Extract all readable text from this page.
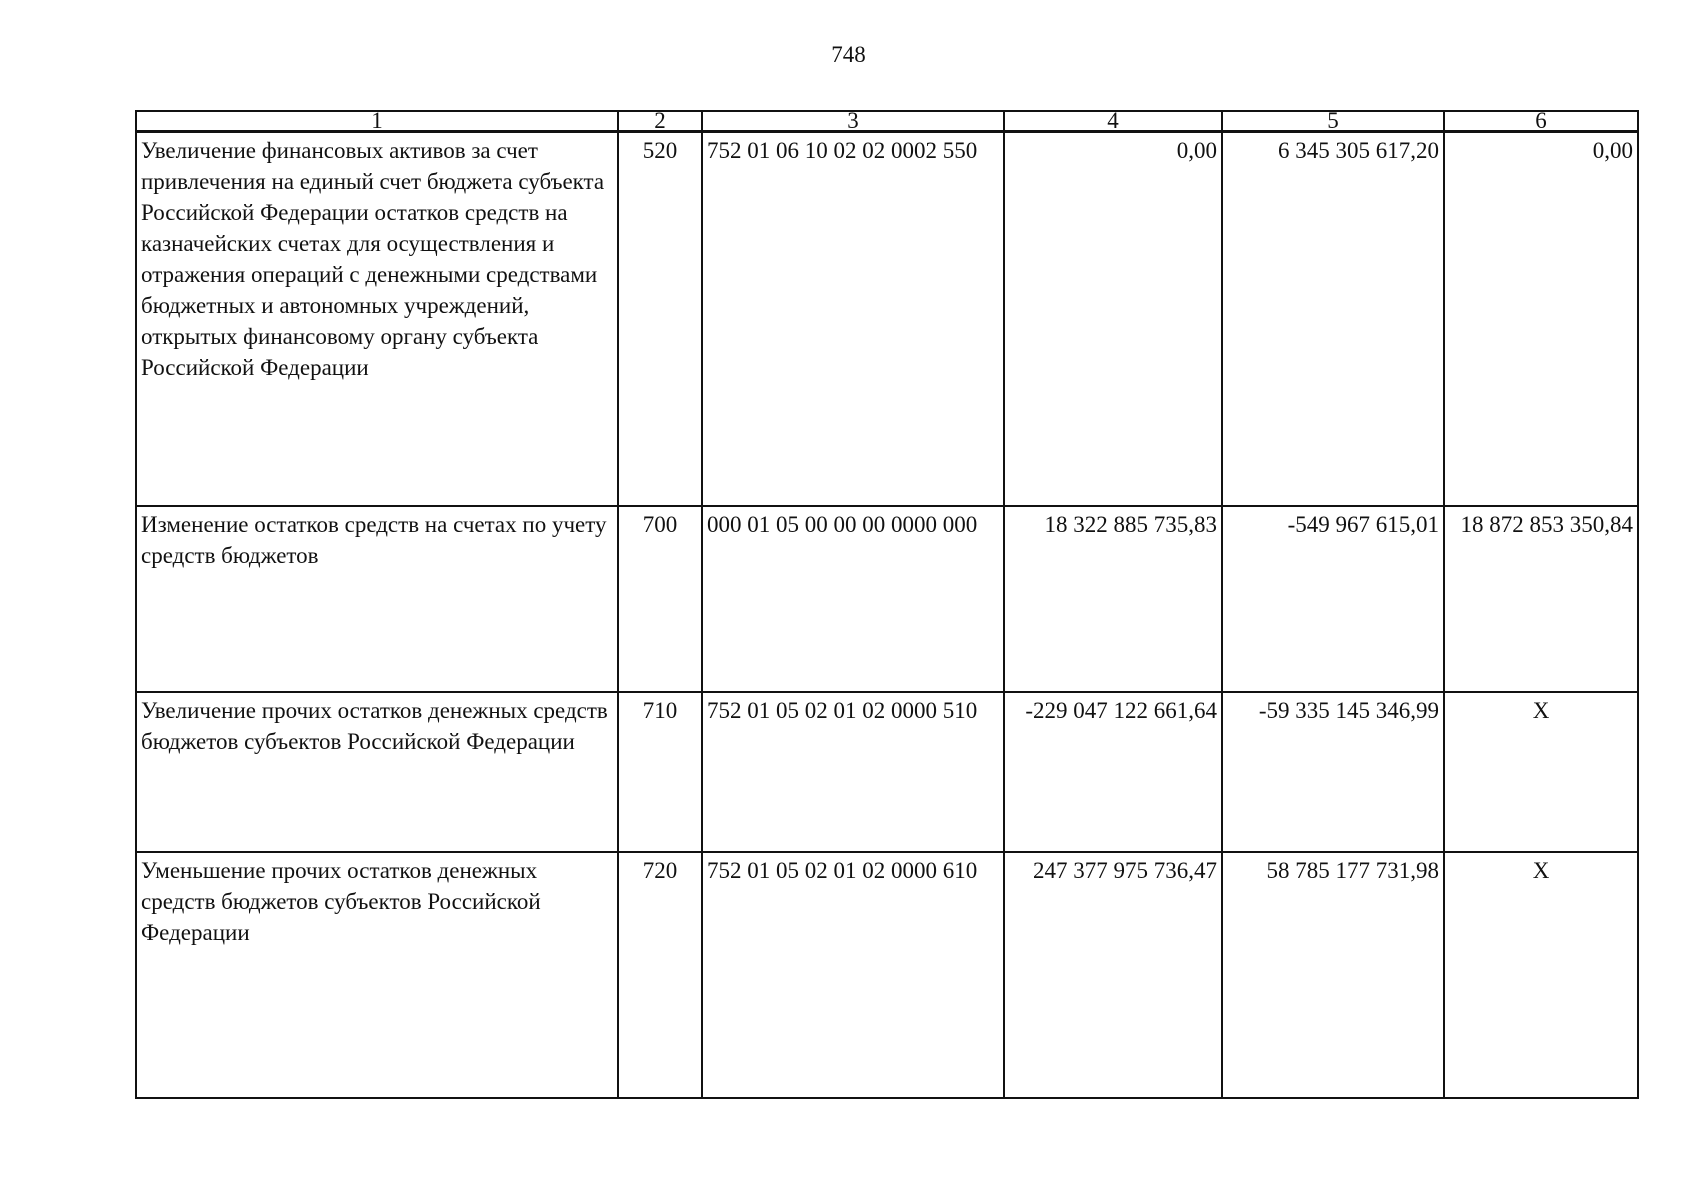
748
1	2	3	4	5	6
Увеличение финансовых активов за счет привлечения на единый счет бюджета субъекта Российской Федерации остатков средств на казначейских счетах для осуществления и отражения операций с денежными средствами бюджетных и автономных учреждений, открытых финансовому органу субъекта Российской Федерации	520	752 01 06 10 02 02 0002 550	0,00	6 345 305 617,20	0,00
Изменение остатков средств на счетах по учету средств бюджетов	700	000 01 05 00 00 00 0000 000	18 322 885 735,83	-549 967 615,01	18 872 853 350,84
Увеличение прочих остатков денежных средств бюджетов субъектов Российской Федерации	710	752 01 05 02 01 02 0000 510	-229 047 122 661,64	-59 335 145 346,99	Х
Уменьшение прочих остатков денежных средств бюджетов субъектов Российской Федерации	720	752 01 05 02 01 02 0000 610	247 377 975 736,47	58 785 177 731,98	Х
